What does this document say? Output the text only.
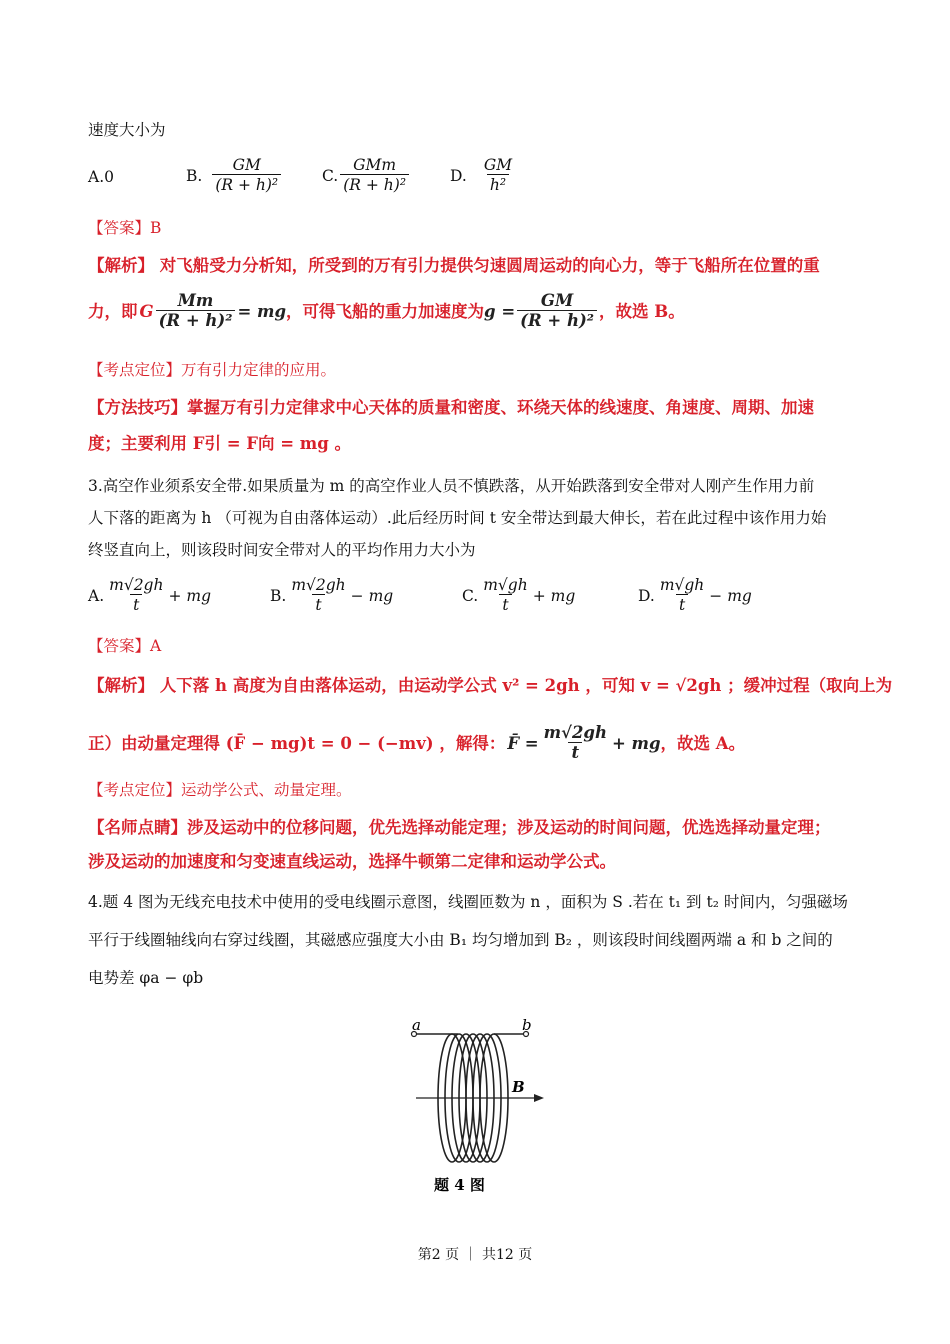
速度大小为
A. 0	B. $\frac{GM}{\text{(R + h)²}}$	C. $\frac{\text{GMm}}{\text{(R + h)²}}$	D. $\frac{GM}{\text{h²}}$
【答案】B
【解析】 对飞船受力分析知，所受到的万有引力提供匀速圆周运动的向心力，等于飞船所在位置的重
力，即 G $\frac{Mm}{\text{(R + h)²}}$ = mg ，可得飞船的重力加速度为 $g = \frac{GM}{\text{(R + h)²}}$ ，故选 B。
【考点定位】万有引力定律的应用。
【方法技巧】掌握万有引力定律求中心天体的质量和密度、环绕天体的线速度、角速度、周期、加速
度；主要利用 F引 = F向 = mg 。
3.高空作业须系安全带.如果质量为 m 的高空作业人员不慎跌落，从开始跌落到安全带对人刚产生作用力前
人下落的距离为 h （可视为自由落体运动）.此后经历时间 t 安全带达到最大伸长，若在此过程中该作用力始
终竖直向上，则该段时间安全带对人的平均作用力大小为
A. $\frac{m√2gh}{t}$ + mg	B. $\frac{m√2gh}{t}$ − mg	C. $\frac{m√gh}{t}$ + mg	D. $\frac{m√gh}{t}$ − mg
【答案】A
【解析】 人下落 h 高度为自由落体运动，由运动学公式 v² = 2gh ，可知 v = √2gh ；缓冲过程（取向上为
正）由动量定理得 (F̄ − mg)t = 0 − (−mv) ，解得： F̄ = $\frac{m√2gh}{t}$ + mg ，故选 A。
【考点定位】运动学公式、动量定理。
【名师点睛】涉及运动中的位移问题，优先选择动能定理；涉及运动的时间问题，优选选择动量定理；
涉及运动的加速度和匀变速直线运动，选择牛顿第二定律和运动学公式。
4.题 4 图为无线充电技术中使用的受电线圈示意图，线圈匝数为 n ，面积为 S .若在 t₁ 到 t₂ 时间内，匀强磁场
平行于线圈轴线向右穿过线圈，其磁感应强度大小由 B₁ 均匀增加到 B₂ ，则该段时间线圈两端 a 和 b 之间的
电势差 φa − φb
a	b
B
题 4 图
第2 页 ｜ 共12 页
